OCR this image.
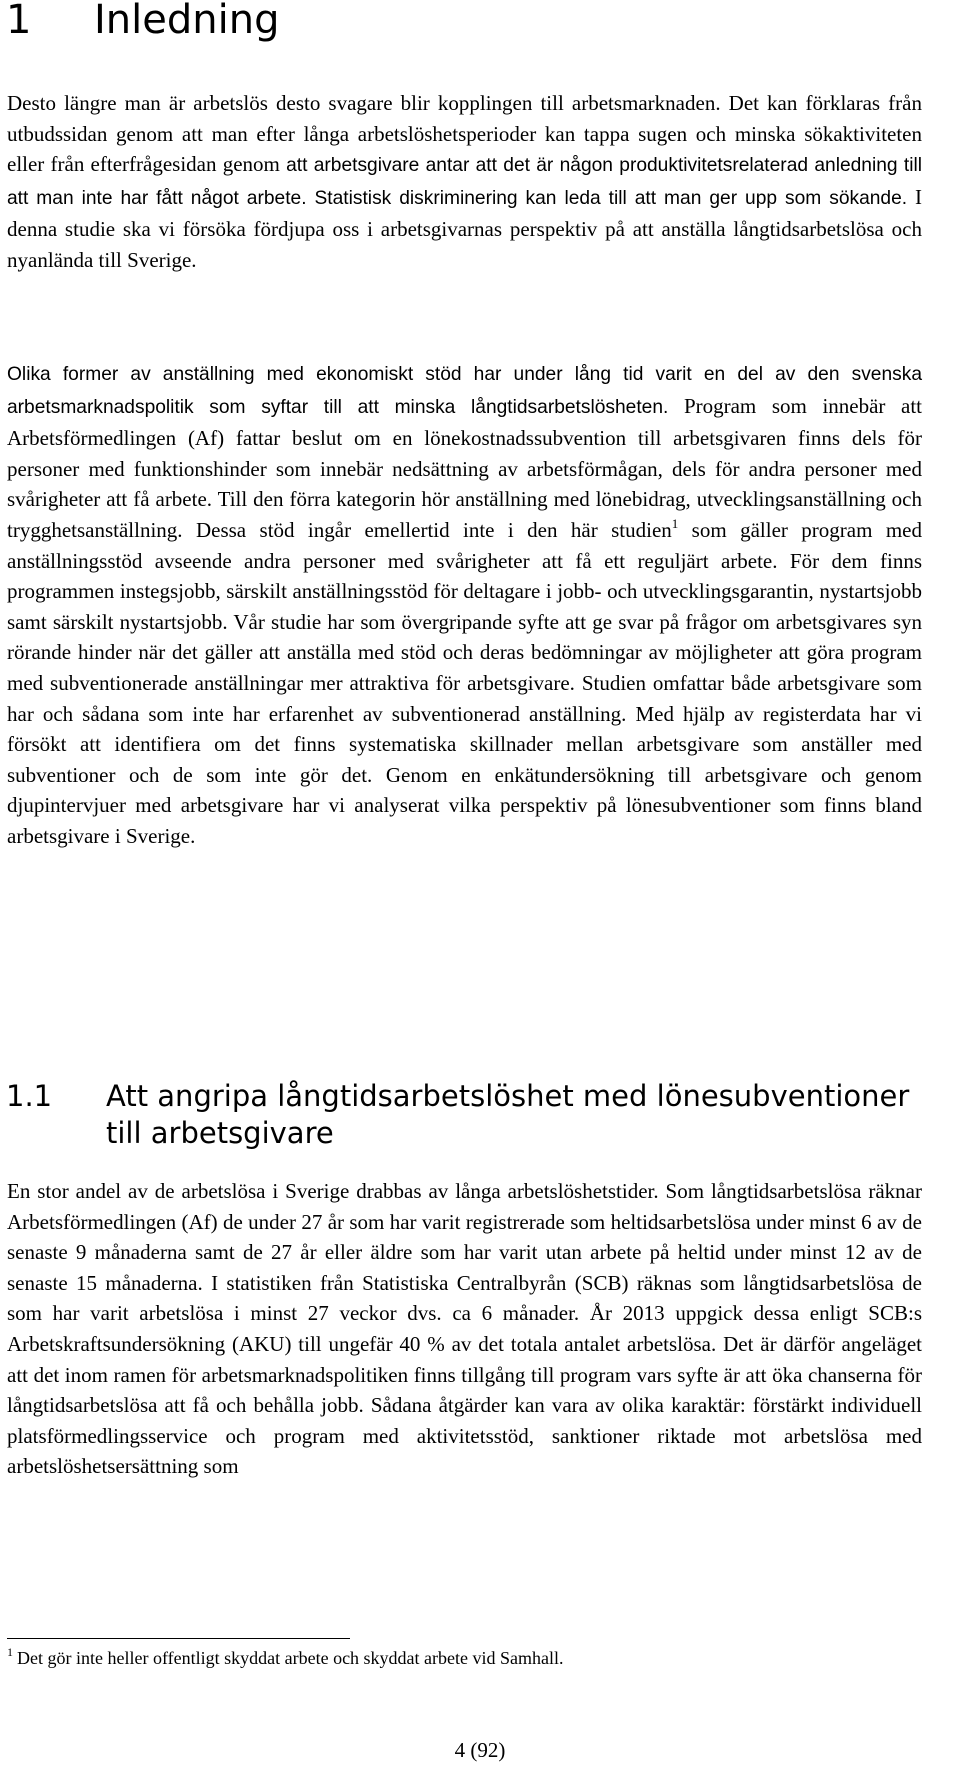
1 Inledning

Desto längre man är arbetslös desto svagare blir kopplingen till arbetsmarknaden. Det kan förklaras från utbudssidan genom att man efter långa arbetslöshetsperioder kan tappa sugen och minska sökaktiviteten eller från efterfrågesidan genom att arbetsgivare antar att det är någon produktivitetsrelaterad anledning till att man inte har fått något arbete. Statistisk diskriminering kan leda till att man ger upp som sökande. I denna studie ska vi försöka fördjupa oss i arbetsgivarnas perspektiv på att anställa långtidsarbetslösa och nyanlända till Sverige.

Olika former av anställning med ekonomiskt stöd har under lång tid varit en del av den svenska arbetsmarknadspolitik som syftar till att minska långtidsarbetslösheten. Program som innebär att Arbetsförmedlingen (Af) fattar beslut om en lönekostnadssubvention till arbetsgivaren finns dels för personer med funktionshinder som innebär nedsättning av arbetsförmågan, dels för andra personer med svårigheter att få arbete. Till den förra kategorin hör anställning med lönebidrag, utvecklingsanställning och trygghetsanställning. Dessa stöd ingår emellertid inte i den här studien$^1$ som gäller program med anställningsstöd avseende andra personer med svårigheter att få ett reguljärt arbete. För dem finns programmen instegsjobb, särskilt anställningsstöd för deltagare i jobb- och utvecklingsgarantin, nystartsjobb samt särskilt nystartsjobb. Vår studie har som övergripande syfte att ge svar på frågor om arbetsgivares syn rörande hinder när det gäller att anställa med stöd och deras bedömningar av möjligheter att göra program med subventionerade anställningar mer attraktiva för arbetsgivare. Studien omfattar både arbetsgivare som har och sådana som inte har erfarenhet av subventionerad anställning. Med hjälp av registerdata har vi försökt att identifiera om det finns systematiska skillnader mellan arbetsgivare som anställer med subventioner och de som inte gör det. Genom en enkätundersökning till arbetsgivare och genom djupintervjuer med arbetsgivare har vi analyserat vilka perspektiv på lönesubventioner som finns bland arbetsgivare i Sverige.

1.1 Att angripa långtidsarbetslöshet med lönesubventioner till arbetsgivare

En stor andel av de arbetslösa i Sverige drabbas av långa arbetslöshetstider. Som långtidsarbetslösa räknar Arbetsförmedlingen (Af) de under 27 år som har varit registrerade som heltidsarbetslösa under minst 6 av de senaste 9 månaderna samt de 27 år eller äldre som har varit utan arbete på heltid under minst 12 av de senaste 15 månaderna. I statistiken från Statistiska Centralbyrån (SCB) räknas som långtidsarbetslösa de som har varit arbetslösa i minst 27 veckor dvs. ca 6 månader. År 2013 uppgick dessa enligt SCB:s Arbetskraftsundersökning (AKU) till ungefär 40 % av det totala antalet arbetslösa. Det är därför angeläget att det inom ramen för arbetsmarknadspolitiken finns tillgång till program vars syfte är att öka chanserna för långtidsarbetslösa att få och behålla jobb. Sådana åtgärder kan vara av olika karaktär: förstärkt individuell platsförmedlingsservice och program med aktivitetsstöd, sanktioner riktade mot arbetslösa med arbetslöshetsersättning som

$^1$ Det gör inte heller offentligt skyddat arbete och skyddat arbete vid Samhall.

4 (92)
